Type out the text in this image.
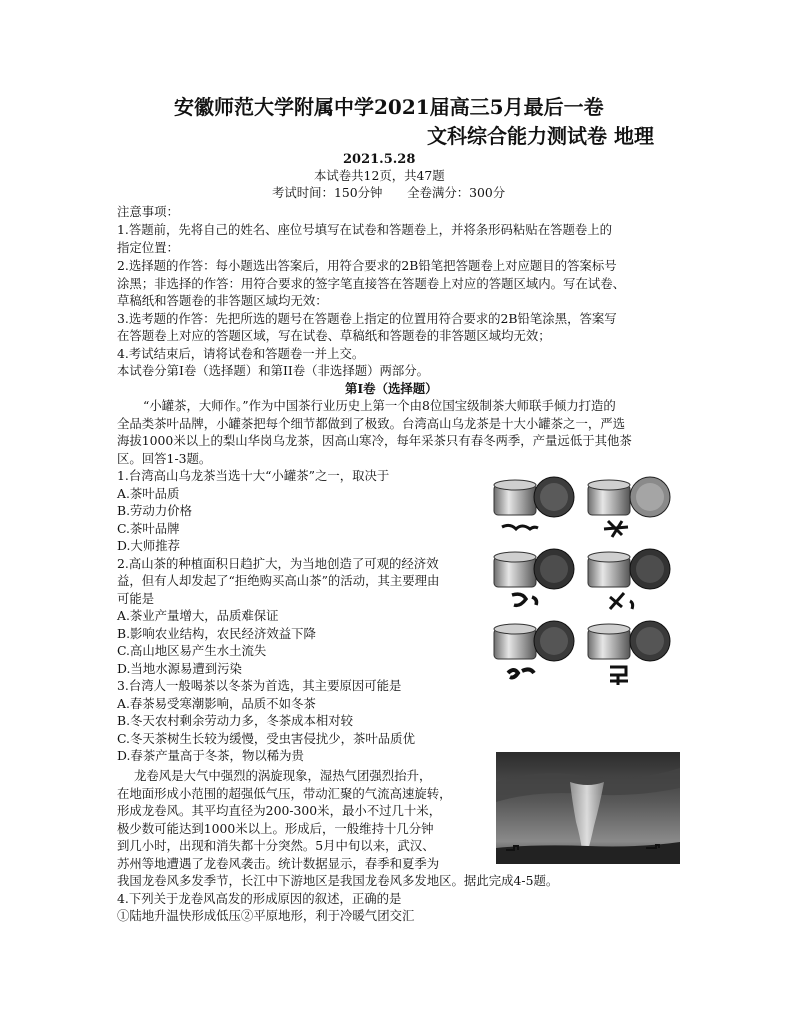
安徽师范大学附属中学2021届高三5月最后一卷
文科综合能力测试卷 地理
2021.5.28
本试卷共12页，共47题
考试时间：150分钟　　全卷满分：300分
注意事项：
1.答题前，先将自己的姓名、座位号填写在试卷和答题卷上，并将条形码粘贴在答题卷上的
指定位置：
2.选择题的作答：每小题选出答案后，用符合要求的2B铅笔把答题卷上对应题目的答案标号
涂黑；非选择的作答：用符合要求的签字笔直接答在答题卷上对应的答题区域内。写在试卷、
草稿纸和答题卷的非答题区域均无效：
3.选考题的作答：先把所选的题号在答题卷上指定的位置用符合要求的2B铅笔涂黑，答案写
在答题卷上对应的答题区域，写在试卷、草稿纸和答题卷的非答题区域均无效；
4.考试结束后，请将试卷和答题卷一并上交。
本试卷分第I卷（选择题）和第II卷（非选择题）两部分。
第I卷（选择题）
“小罐茶，大师作。”作为中国茶行业历史上第一个由8位国宝级制茶大师联手倾力打造的
全品类茶叶品牌，小罐茶把每个细节都做到了极致。台湾高山乌龙茶是十大小罐茶之一，严选
海拔1000米以上的梨山华岗乌龙茶，因高山寒冷，每年采茶只有春冬两季，产量远低于其他茶
区。回答1-3题。
1.台湾高山乌龙茶当选十大“小罐茶”之一，取决于
A.茶叶品质
B.劳动力价格
C.茶叶品牌
D.大师推荐
2.高山茶的种植面积日趋扩大，为当地创造了可观的经济效
益，但有人却发起了“拒绝购买高山茶”的活动，其主要理由
可能是
A.茶业产量增大，品质难保证
B.影响农业结构，农民经济效益下降
C.高山地区易产生水土流失
D.当地水源易遭到污染
3.台湾人一般喝茶以冬茶为首选，其主要原因可能是
A.春茶易受寒潮影响，品质不如冬茶
B.冬天农村剩余劳动力多，冬茶成本相对较
C.冬天茶树生长较为缓慢，受虫害侵扰少，茶叶品质优
D.春茶产量高于冬茶，物以稀为贵
龙卷风是大气中强烈的涡旋现象，湿热气团强烈抬升，
在地面形成小范围的超强低气压，带动汇聚的气流高速旋转，
形成龙卷风。其平均直径为200-300米，最小不过几十米，
极少数可能达到1000米以上。形成后，一般维持十几分钟
到几小时，出现和消失都十分突然。5月中旬以来，武汉、
苏州等地遭遇了龙卷风袭击。统计数据显示，春季和夏季为
我国龙卷风多发季节，长江中下游地区是我国龙卷风多发地区。据此完成4-5题。
4.下列关于龙卷风高发的形成原因的叙述，正确的是
①陆地升温快形成低压②平原地形，利于冷暖气团交汇
